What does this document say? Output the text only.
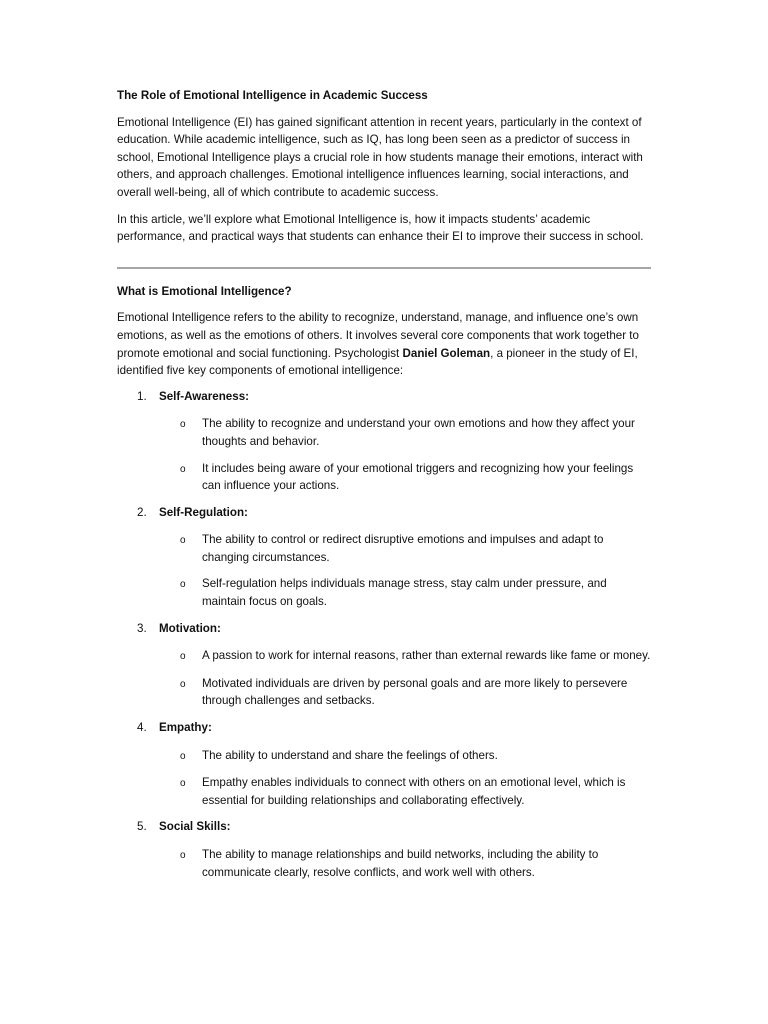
The Role of Emotional Intelligence in Academic Success

Emotional Intelligence (EI) has gained significant attention in recent years, particularly in the context of education. While academic intelligence, such as IQ, has long been seen as a predictor of success in school, Emotional Intelligence plays a crucial role in how students manage their emotions, interact with others, and approach challenges. Emotional intelligence influences learning, social interactions, and overall well-being, all of which contribute to academic success.

In this article, we’ll explore what Emotional Intelligence is, how it impacts students’ academic performance, and practical ways that students can enhance their EI to improve their success in school.

What is Emotional Intelligence?

Emotional Intelligence refers to the ability to recognize, understand, manage, and influence one’s own emotions, as well as the emotions of others. It involves several core components that work together to promote emotional and social functioning. Psychologist Daniel Goleman, a pioneer in the study of EI, identified five key components of emotional intelligence:

1.	Self-Awareness:
o	The ability to recognize and understand your own emotions and how they affect your thoughts and behavior.
o	It includes being aware of your emotional triggers and recognizing how your feelings can influence your actions.
2.	Self-Regulation:
o	The ability to control or redirect disruptive emotions and impulses and adapt to changing circumstances.
o	Self-regulation helps individuals manage stress, stay calm under pressure, and maintain focus on goals.
3.	Motivation:
o	A passion to work for internal reasons, rather than external rewards like fame or money.
o	Motivated individuals are driven by personal goals and are more likely to persevere through challenges and setbacks.
4.	Empathy:
o	The ability to understand and share the feelings of others.
o	Empathy enables individuals to connect with others on an emotional level, which is essential for building relationships and collaborating effectively.
5.	Social Skills:
o	The ability to manage relationships and build networks, including the ability to communicate clearly, resolve conflicts, and work well with others.
